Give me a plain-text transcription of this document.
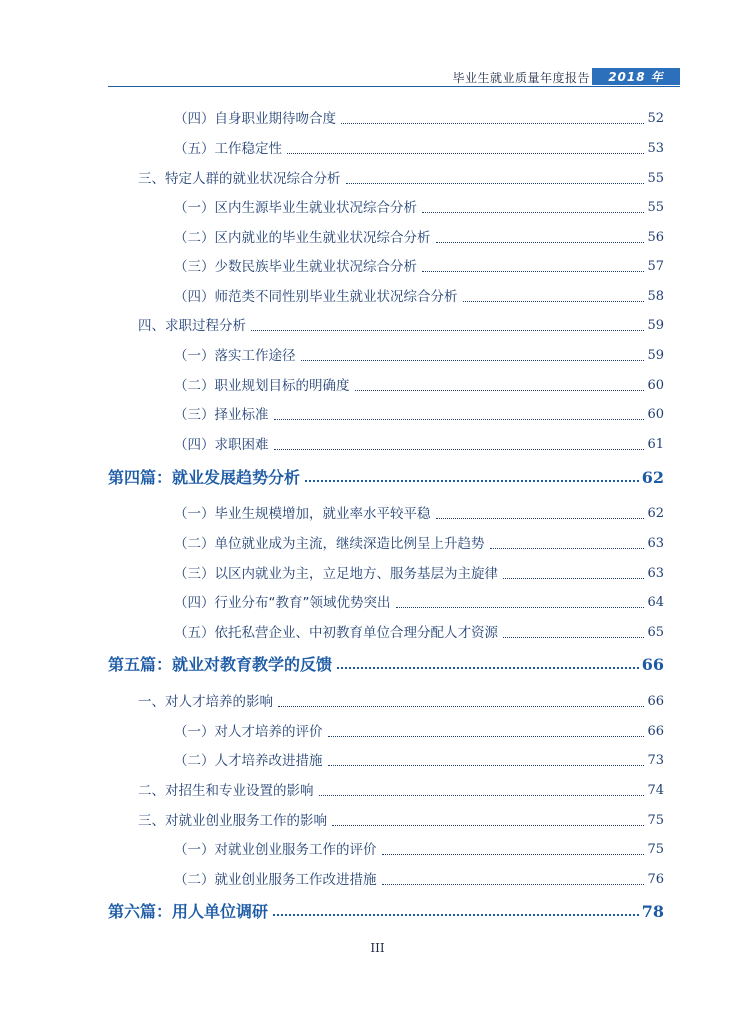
毕业生就业质量年度报告	2018 年
（四）自身职业期待吻合度	52
（五）工作稳定性	53
三、特定人群的就业状况综合分析	55
（一）区内生源毕业生就业状况综合分析	55
（二）区内就业的毕业生就业状况综合分析	56
（三）少数民族毕业生就业状况综合分析	57
（四）师范类不同性别毕业生就业状况综合分析	58
四、求职过程分析	59
（一）落实工作途径	59
（二）职业规划目标的明确度	60
（三）择业标准	60
（四）求职困难	61
第四篇：就业发展趋势分析	62
（一）毕业生规模增加，就业率水平较平稳	62
（二）单位就业成为主流，继续深造比例呈上升趋势	63
（三）以区内就业为主，立足地方、服务基层为主旋律	63
（四）行业分布“教育”领域优势突出	64
（五）依托私营企业、中初教育单位合理分配人才资源	65
第五篇：就业对教育教学的反馈	66
一、对人才培养的影响	66
（一）对人才培养的评价	66
（二）人才培养改进措施	73
二、对招生和专业设置的影响	74
三、对就业创业服务工作的影响	75
（一）对就业创业服务工作的评价	75
（二）就业创业服务工作改进措施	76
第六篇：用人单位调研	78
III
